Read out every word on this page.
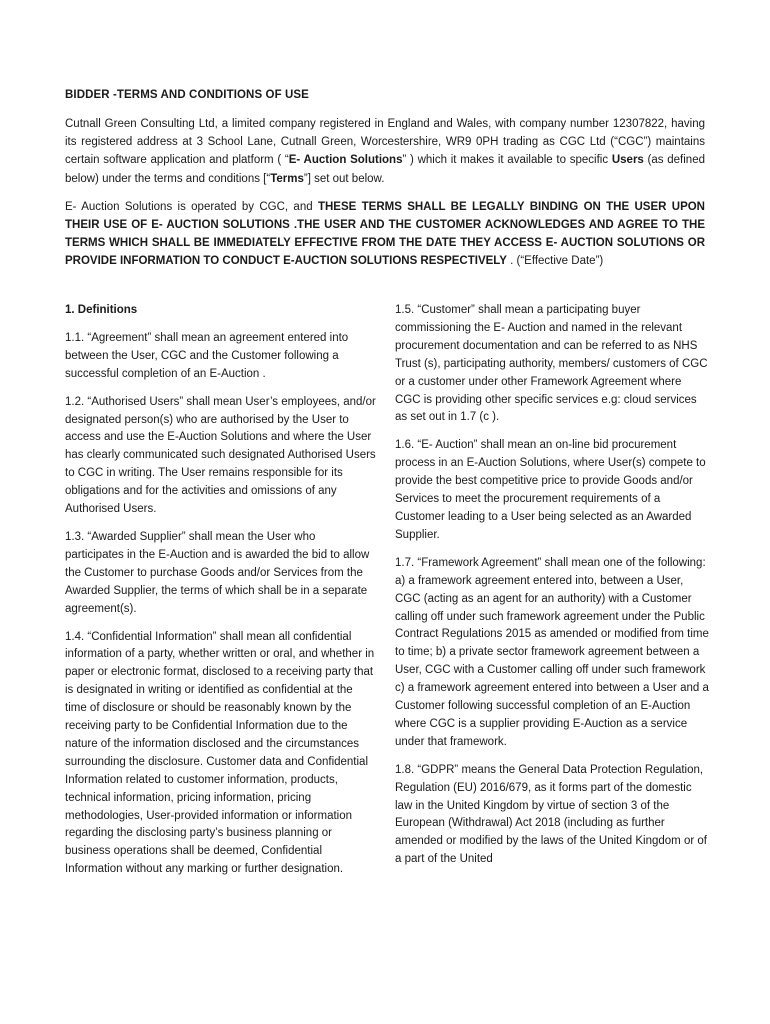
BIDDER -TERMS AND CONDITIONS OF USE

Cutnall Green Consulting Ltd, a limited company registered in England and Wales, with company number 12307822, having its registered address at 3 School Lane, Cutnall Green, Worcestershire, WR9 0PH trading as CGC Ltd (“CGC”) maintains certain software application and platform ( “E- Auction Solutions” ) which it makes it available to specific Users (as defined below) under the terms and conditions [“Terms”] set out below.

E- Auction Solutions is operated by CGC, and THESE TERMS SHALL BE LEGALLY BINDING ON THE USER UPON THEIR USE OF E- AUCTION SOLUTIONS .THE USER AND THE CUSTOMER ACKNOWLEDGES AND AGREE TO THE TERMS WHICH SHALL BE IMMEDIATELY EFFECTIVE FROM THE DATE THEY ACCESS E- AUCTION SOLUTIONS OR PROVIDE INFORMATION TO CONDUCT E-AUCTION SOLUTIONS RESPECTIVELY . (“Effective Date”)

1. Definitions

1.1. “Agreement” shall mean an agreement entered into between the User, CGC and the Customer following a successful completion of an E-Auction .

1.2. “Authorised Users” shall mean User’s employees, and/or designated person(s) who are authorised by the User to access and use the E-Auction Solutions and where the User has clearly communicated such designated Authorised Users to CGC in writing. The User remains responsible for its obligations and for the activities and omissions of any Authorised Users.

1.3. “Awarded Supplier” shall mean the User who participates in the E-Auction and is awarded the bid to allow the Customer to purchase Goods and/or Services from the Awarded Supplier, the terms of which shall be in a separate agreement(s).

1.4. “Confidential Information” shall mean all confidential information of a party, whether written or oral, and whether in paper or electronic format, disclosed to a receiving party that is designated in writing or identified as confidential at the time of disclosure or should be reasonably known by the receiving party to be Confidential Information due to the nature of the information disclosed and the circumstances surrounding the disclosure. Customer data and Confidential Information related to customer information, products, technical information, pricing information, pricing methodologies, User-provided information or information regarding the disclosing party’s business planning or business operations shall be deemed, Confidential Information without any marking or further designation.

1.5. “Customer” shall mean a participating buyer commissioning the E- Auction and named in the relevant procurement documentation and can be referred to as NHS Trust (s), participating authority, members/ customers of CGC or a customer under other Framework Agreement where CGC is providing other specific services e.g: cloud services as set out in 1.7 (c ).

1.6. “E- Auction” shall mean an on-line bid procurement process in an E-Auction Solutions, where User(s) compete to provide the best competitive price to provide Goods and/or Services to meet the procurement requirements of a Customer leading to a User being selected as an Awarded Supplier.

1.7. “Framework Agreement” shall mean one of the following: a) a framework agreement entered into, between a User, CGC (acting as an agent for an authority) with a Customer calling off under such framework agreement under the Public Contract Regulations 2015 as amended or modified from time to time; b) a private sector framework agreement between a User, CGC with a Customer calling off under such framework c) a framework agreement entered into between a User and a Customer following successful completion of an E-Auction where CGC is a supplier providing E-Auction as a service under that framework.

1.8. “GDPR” means the General Data Protection Regulation, Regulation (EU) 2016/679, as it forms part of the domestic law in the United Kingdom by virtue of section 3 of the European (Withdrawal) Act 2018 (including as further amended or modified by the laws of the United Kingdom or of a part of the United
